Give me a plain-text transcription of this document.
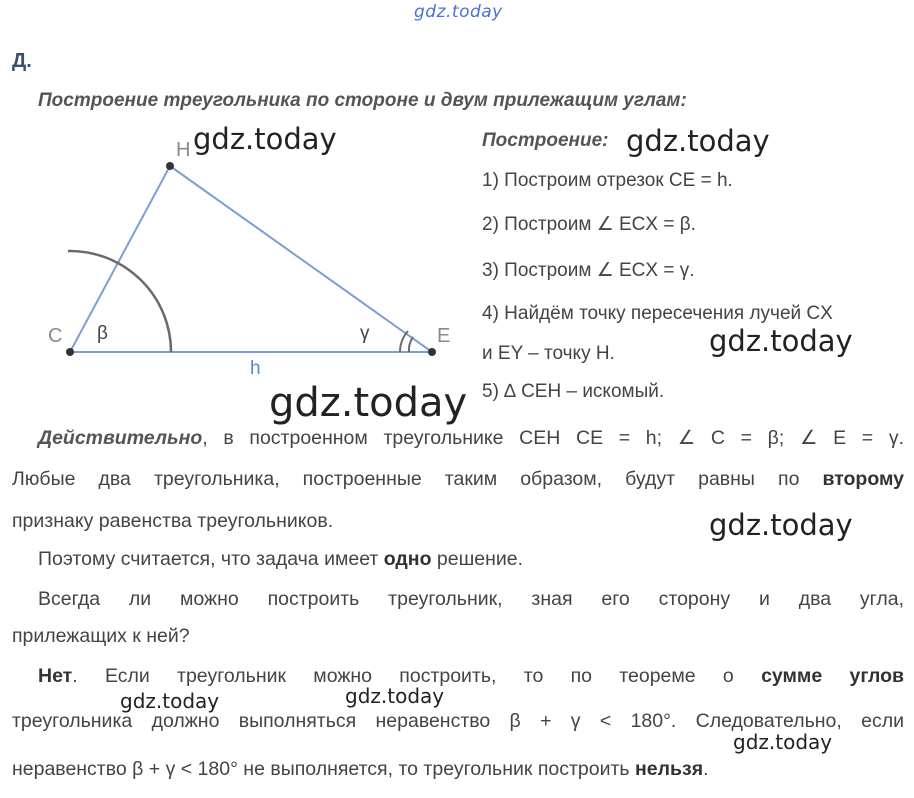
gdz.today
Д.
Построение треугольника по стороне и двум прилежащим углам:
H
C	E
h
β	γ
gdz.today
gdz.today
Построение: gdz.today
1) Построим отрезок CE = h.
2) Построим ∠ ECX = β.
3) Построим ∠ ECX = γ.
4) Найдём точку пересечения лучей CX
и EY – точку H.	gdz.today
5) ∆ CEH – искомый.
Действительно, в построенном треугольнике CEH CE = h; ∠ C = β; ∠ E = γ.
Любые два треугольника, построенные таким образом, будут равны по второму
признаку равенства треугольников.	gdz.today
Поэтому считается, что задача имеет одно решение.
Всегда ли можно построить треугольник, зная его сторону и два угла,
прилежащих к ней?
Нет. Если треугольник можно построить, то по теореме о сумме углов
gdz.today	gdz.today
треугольника должно выполняться неравенство β + γ < 180°. Следовательно, если
gdz.today
неравенство β + γ < 180° не выполняется, то треугольник построить нельзя.
